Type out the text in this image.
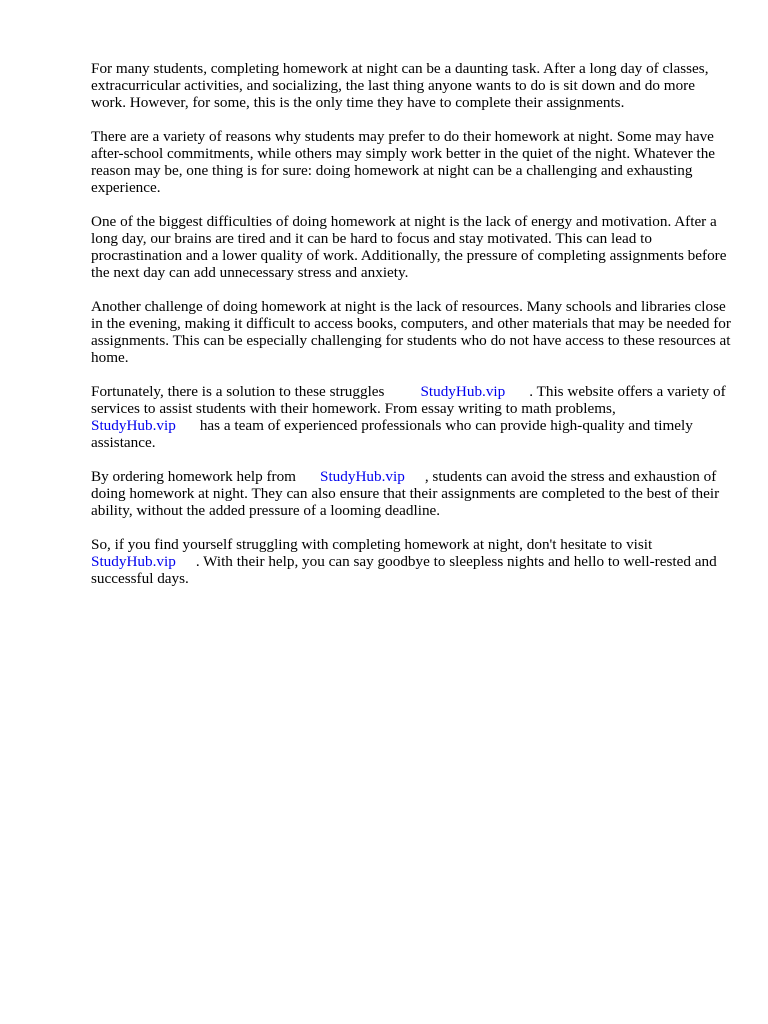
For many students, completing homework at night can be a daunting task. After a long day of classes, extracurricular activities, and socializing, the last thing anyone wants to do is sit down and do more work. However, for some, this is the only time they have to complete their assignments.

There are a variety of reasons why students may prefer to do their homework at night. Some may have after-school commitments, while others may simply work better in the quiet of the night. Whatever the reason may be, one thing is for sure: doing homework at night can be a challenging and exhausting experience.

One of the biggest difficulties of doing homework at night is the lack of energy and motivation. After a long day, our brains are tired and it can be hard to focus and stay motivated. This can lead to procrastination and a lower quality of work. Additionally, the pressure of completing assignments before the next day can add unnecessary stress and anxiety.

Another challenge of doing homework at night is the lack of resources. Many schools and libraries close in the evening, making it difficult to access books, computers, and other materials that may be needed for assignments. This can be especially challenging for students who do not have access to these resources at home.

Fortunately, there is a solution to these struggles StudyHub.vip . This website offers a variety of services to assist students with their homework. From essay writing to math problems,
StudyHub.vip has a team of experienced professionals who can provide high-quality and timely assistance.

By ordering homework help from StudyHub.vip , students can avoid the stress and exhaustion of doing homework at night. They can also ensure that their assignments are completed to the best of their ability, without the added pressure of a looming deadline.

So, if you find yourself struggling with completing homework at night, don't hesitate to visit
StudyHub.vip . With their help, you can say goodbye to sleepless nights and hello to well-rested and successful days.
